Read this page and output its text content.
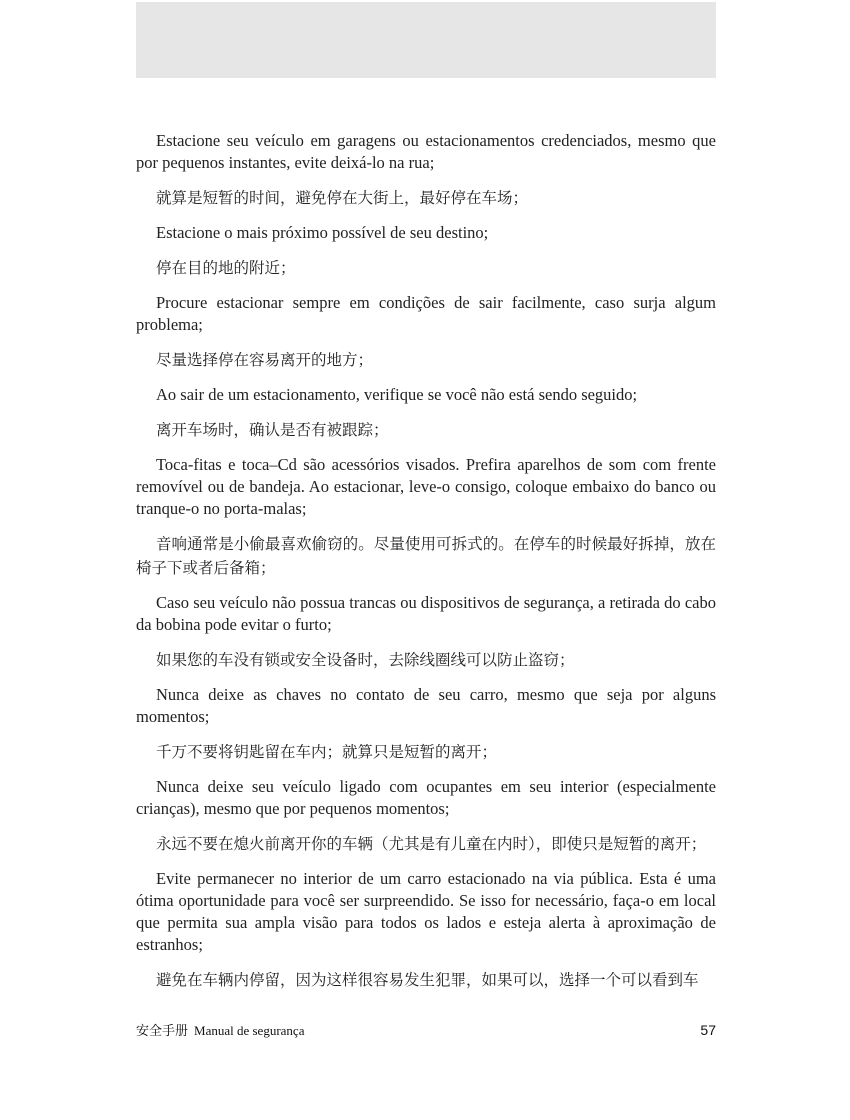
Estacione seu veículo em garagens ou estacionamentos credenciados, mesmo que por pequenos instantes, evite deixá-lo na rua;

就算是短暂的时间，避免停在大街上，最好停在车场；

Estacione o mais próximo possível de seu destino;

停在目的地的附近；

Procure estacionar sempre em condições de sair facilmente, caso surja algum problema;

尽量选择停在容易离开的地方；

Ao sair de um estacionamento, verifique se você não está sendo seguido;

离开车场时，确认是否有被跟踪；

Toca-fitas e toca–Cd são acessórios visados. Prefira aparelhos de som com frente removível ou de bandeja. Ao estacionar, leve-o consigo, coloque embaixo do banco ou tranque-o no porta-malas;

音响通常是小偷最喜欢偷窃的。尽量使用可拆式的。在停车的时候最好拆掉，放在椅子下或者后备箱；

Caso seu veículo não possua trancas ou dispositivos de segurança, a retirada do cabo da bobina pode evitar o furto;

如果您的车没有锁或安全设备时，去除线圈线可以防止盗窃；

Nunca deixe as chaves no contato de seu carro, mesmo que seja por alguns momentos;

千万不要将钥匙留在车内；就算只是短暂的离开；

Nunca deixe seu veículo ligado com ocupantes em seu interior (especialmente crianças), mesmo que por pequenos momentos;

永远不要在熄火前离开你的车辆（尤其是有儿童在内时），即使只是短暂的离开；

Evite permanecer no interior de um carro estacionado na via pública. Esta é uma ótima oportunidade para você ser surpreendido. Se isso for necessário, faça-o em local que permita sua ampla visão para todos os lados e esteja alerta à aproximação de estranhos;

避免在车辆内停留，因为这样很容易发生犯罪，如果可以，选择一个可以看到车

安全手册 Manual de segurança	57
